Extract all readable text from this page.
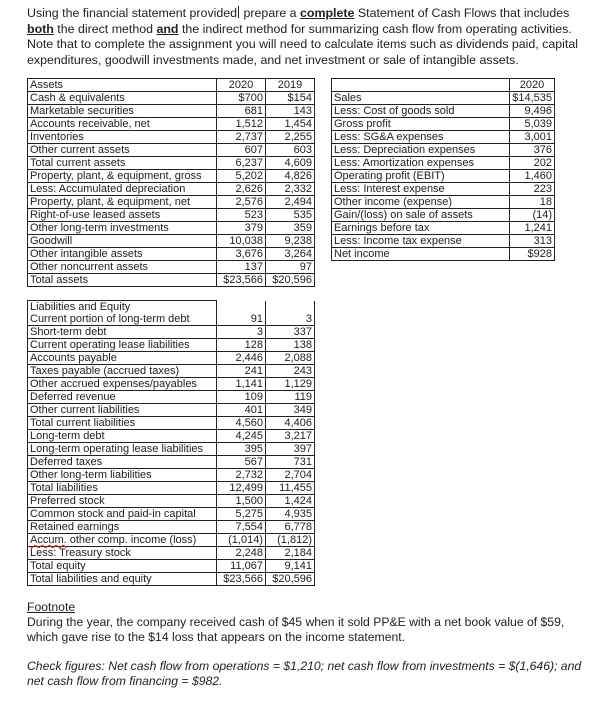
Using the financial statement provided prepare a complete Statement of Cash Flows that includes both the direct method and the indirect method for summarizing cash flow from operating activities. Note that to complete the assignment you will need to calculate items such as dividends paid, capital expenditures, goodwill investments made, and net investment or sale of intangible assets.

Assets	2020	2019
Cash & equivalents	$700	$154
Marketable securities	681	143
Accounts receivable, net	1,512	1,454
Inventories	2,737	2,255
Other current assets	607	603
Total current assets	6,237	4,609
Property, plant, & equipment, gross	5,202	4,826
Less: Accumulated depreciation	2,626	2,332
Property, plant, & equipment, net	2,576	2,494
Right-of-use leased assets	523	535
Other long-term investments	379	359
Goodwill	10,038	9,238
Other intangible assets	3,676	3,264
Other noncurrent assets	137	97
Total assets	$23,566	$20,596
Liabilities and Equity		
Current portion of long-term debt	91	3
Short-term debt	3	337
Current operating lease liabilities	128	138
Accounts payable	2,446	2,088
Taxes payable (accrued taxes)	241	243
Other accrued expenses/payables	1,141	1,129
Deferred revenue	109	119
Other current liabilities	401	349
Total current liabilities	4,560	4,406
Long-term debt	4,245	3,217
Long-term operating lease liabilities	395	397
Deferred taxes	567	731
Other long-term liabilities	2,732	2,704
Total liabilities	12,499	11,455
Preferred stock	1,500	1,424
Common stock and paid-in capital	5,275	4,935
Retained earnings	7,554	6,778
Accum. other comp. income (loss)	(1,014)	(1,812)
Less: Treasury stock	2,248	2,184
Total equity	11,067	9,141
Total liabilities and equity	$23,566	$20,596
	2020
Sales	$14,535
Less: Cost of goods sold	9,496
Gross profit	5,039
Less: SG&A expenses	3,001
Less: Depreciation expenses	376
Less: Amortization expenses	202
Operating profit (EBIT)	1,460
Less: Interest expense	223
Other income (expense)	18
Gain/(loss) on sale of assets	(14)
Earnings before tax	1,241
Less: Income tax expense	313
Net income	$928

Footnote

During the year, the company received cash of $45 when it sold PP&E with a net book value of $59, which gave rise to the $14 loss that appears on the income statement.

Check figures: Net cash flow from operations = $1,210; net cash flow from investments = $(1,646); and net cash flow from financing = $982.
